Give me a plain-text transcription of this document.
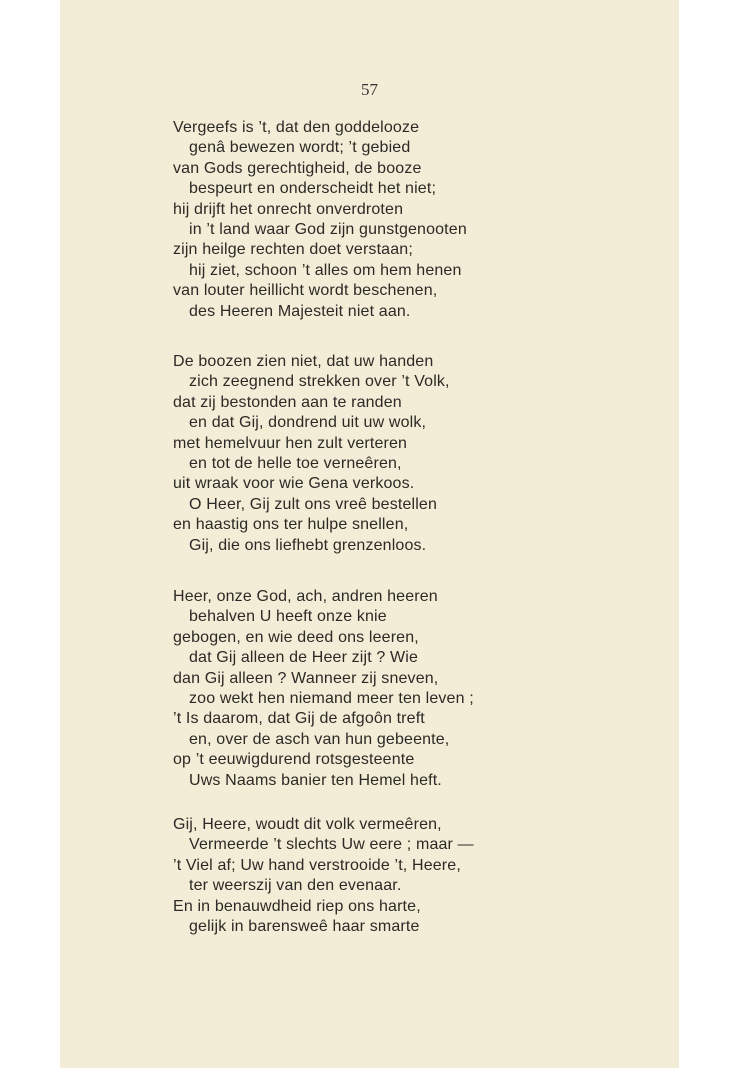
57
Vergeefs is ’t, dat den goddelooze
genâ bewezen wordt; ’t gebied
van Gods gerechtigheid, de booze
bespeurt en onderscheidt het niet;
hij drijft het onrecht onverdroten
in ’t land waar God zijn gunstgenooten
zijn heilge rechten doet verstaan;
hij ziet, schoon ’t alles om hem henen
van louter heillicht wordt beschenen,
des Heeren Majesteit niet aan.
De boozen zien niet, dat uw handen
zich zeegnend strekken over ’t Volk,
dat zij bestonden aan te randen
en dat Gij, dondrend uit uw wolk,
met hemelvuur hen zult verteren
en tot de helle toe verneêren,
uit wraak voor wie Gena verkoos.
O Heer, Gij zult ons vreê bestellen
en haastig ons ter hulpe snellen,
Gij, die ons liefhebt grenzenloos.
Heer, onze God, ach, andren heeren
behalven U heeft onze knie
gebogen, en wie deed ons leeren,
dat Gij alleen de Heer zijt ? Wie
dan Gij alleen ? Wanneer zij sneven,
zoo wekt hen niemand meer ten leven ;
’t Is daarom, dat Gij de afgoôn treft
en, over de asch van hun gebeente,
op ’t eeuwigdurend rotsgesteente
Uws Naams banier ten Hemel heft.
Gij, Heere, woudt dit volk vermeêren,
Vermeerde ’t slechts Uw eere ; maar —
’t Viel af; Uw hand verstrooide ’t, Heere,
ter weerszij van den evenaar.
En in benauwdheid riep ons harte,
gelijk in barensweê haar smarte
